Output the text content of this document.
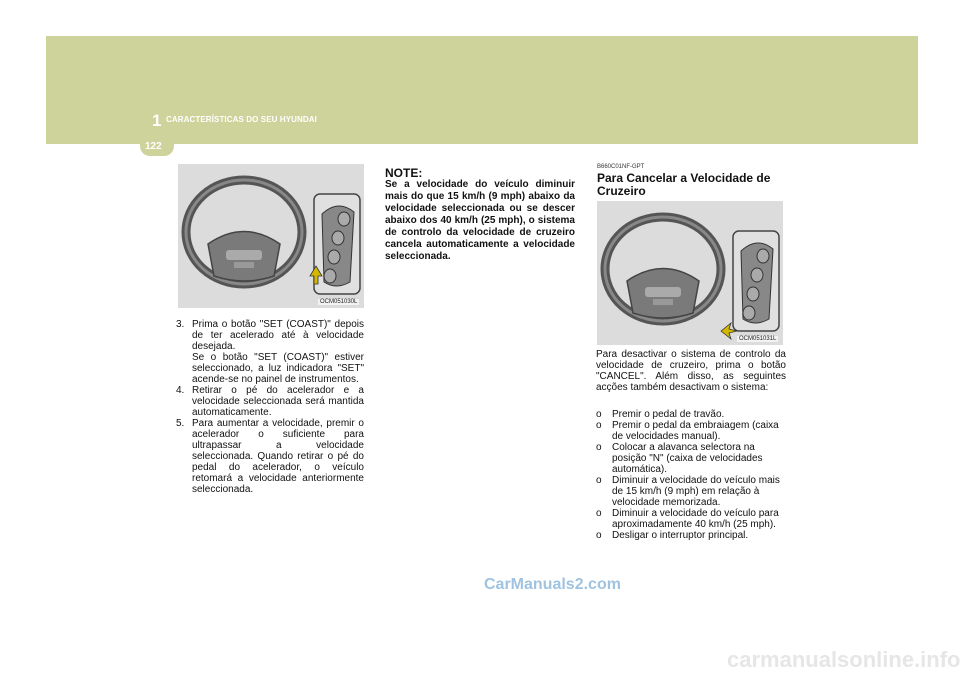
1 CARACTERÍSTICAS DO SEU HYUNDAI
122
OCM051030L
3. Prima o botão "SET (COAST)" depois de ter acelerado até à velocidade desejada.
Se o botão "SET (COAST)" estiver seleccionado, a luz indicadora "SET" acende-se no painel de instrumentos.
4. Retirar o pé do acelerador e a velocidade seleccionada será mantida automaticamente.
5. Para aumentar a velocidade, premir o acelerador o suficiente para ultrapassar a velocidade seleccionada. Quando retirar o pé do pedal do acelerador, o veículo retomará a velocidade anteriormente seleccionada.
NOTE:
Se a velocidade do veículo diminuir mais do que 15 km/h (9 mph) abaixo da velocidade seleccionada ou se descer abaixo dos 40 km/h (25 mph), o sistema de controlo da velocidade de cruzeiro cancela automaticamente a velocidade seleccionada.
B660C01NF-GPT
Para Cancelar a Velocidade de Cruzeiro
OCM051031L
Para desactivar o sistema de controlo da velocidade de cruzeiro, prima o botão "CANCEL". Além disso, as seguintes acções também desactivam o sistema:
o Premir o pedal de travão.
o Premir o pedal da embraiagem (caixa de velocidades manual).
o Colocar a alavanca selectora na posição "N" (caixa de velocidades automática).
o Diminuir a velocidade do veículo mais de 15 km/h (9 mph) em relação à velocidade memorizada.
o Diminuir a velocidade do veículo para aproximadamente 40 km/h (25 mph).
o Desligar o interruptor principal.
CarManuals2.com
carmanualsonline.info
